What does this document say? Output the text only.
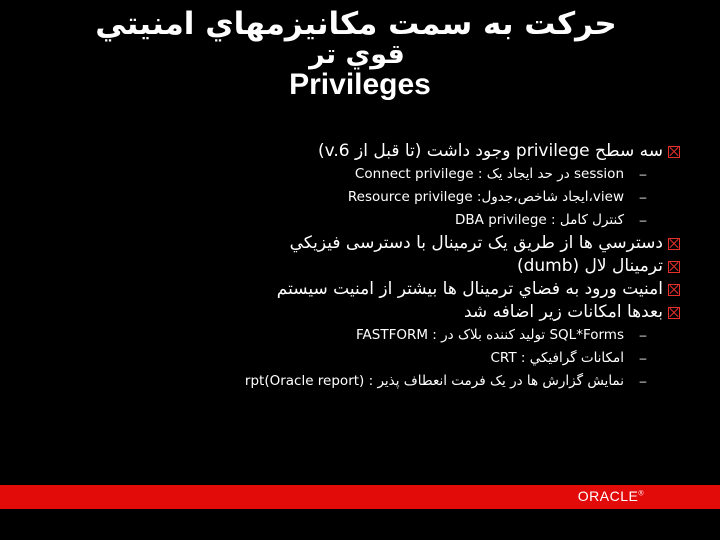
حرکت به سمت مکانيزمهاي امنيتي
قوي تر
Privileges
سه سطح privilege وجود داشت (تا قبل از v.6)
–
Connect privilege : در حد ايجاد يک session
–
Resource privilege :ايجاد شاخص،جدول،view
–
DBA privilege : کنترل کامل
دسترسي ها از طريق يک ترمينال با دسترسی فيزيکي
ترمينال لال (dumb)
امنيت ورود به فضاي ترمينال ها بيشتر از امنيت سيستم
بعدها امکانات زير اضافه شد
–
FASTFORM : توليد کننده بلاک در SQL*Forms
–
CRT : امکانات گرافيکي
–
rpt(Oracle report) : نمايش گزارش ها در يک فرمت انعطاف پذير
ORACLE®
